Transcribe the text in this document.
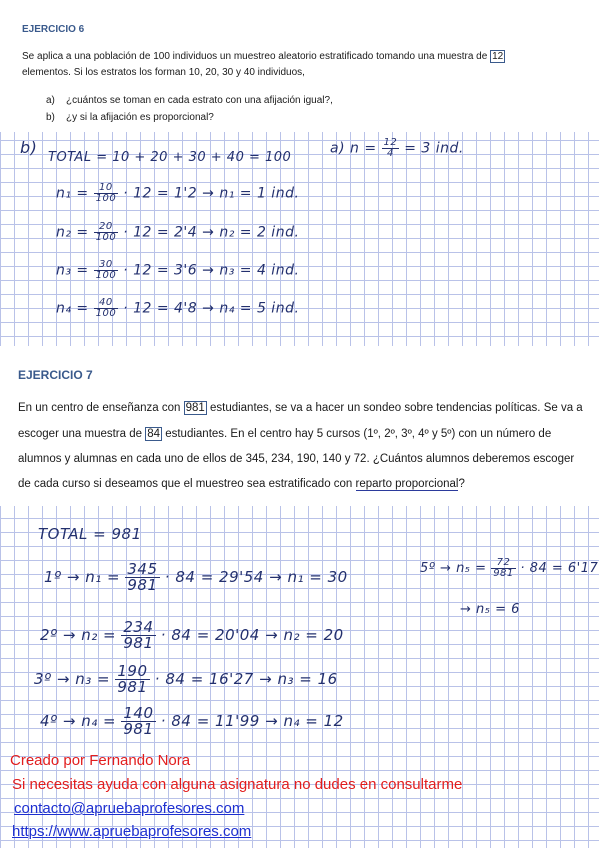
EJERCICIO 6
Se aplica a una población de 100 individuos un muestreo aleatorio estratificado tomando una muestra de 12
elementos. Si los estratos los forman 10, 20, 30 y 40 individuos,
a)    ¿cuántos se toman en cada estrato con una afijación igual?,
b)    ¿y si la afijación es proporcional?
b)
TOTAL = 10 + 20 + 30 + 40 = 100
a) $n = \frac{12}{4} = 3$ ind.
$n_1 = \frac{10}{100} \cdot 12 = 1'2 \to n_1 = 1$ ind.
$n_2 = \frac{20}{100} \cdot 12 = 2'4 \to n_2 = 2$ ind.
$n_3 = \frac{30}{100} \cdot 12 = 3'6 \to n_3 = 4$ ind.
$n_4 = \frac{40}{100} \cdot 12 = 4'8 \to n_4 = 5$ ind.
EJERCICIO 7
En un centro de enseñanza con 981 estudiantes, se va a hacer un sondeo sobre tendencias políticas. Se va a
escoger una muestra de 84 estudiantes. En el centro hay 5 cursos (1º, 2º, 3º, 4º y 5º) con un número de
alumnos y alumnas en cada uno de ellos de 345, 234, 190, 140 y 72. ¿Cuántos alumnos deberemos escoger
de cada curso si deseamos que el muestreo sea estratificado con reparto proporcional?
TOTAL = 981
1º → $n_1 = \frac{345}{981} \cdot 84 = 29'54 \to n_1 = 30$
2º → $n_2 = \frac{234}{981} \cdot 84 = 20'04 \to n_2 = 20$
3º → $n_3 = \frac{190}{981} \cdot 84 = 16'27 \to n_3 = 16$
4º → $n_4 = \frac{140}{981} \cdot 84 = 11'99 \to n_4 = 12$
5º → $n_5 = \frac{72}{981} \cdot 84 = 6'17$
→ n₅ = 6
Creado por Fernando Nora
Si necesitas ayuda con alguna asignatura no dudes en consultarme
contacto@apruebaprofesores.com
https://www.apruebaprofesores.com
